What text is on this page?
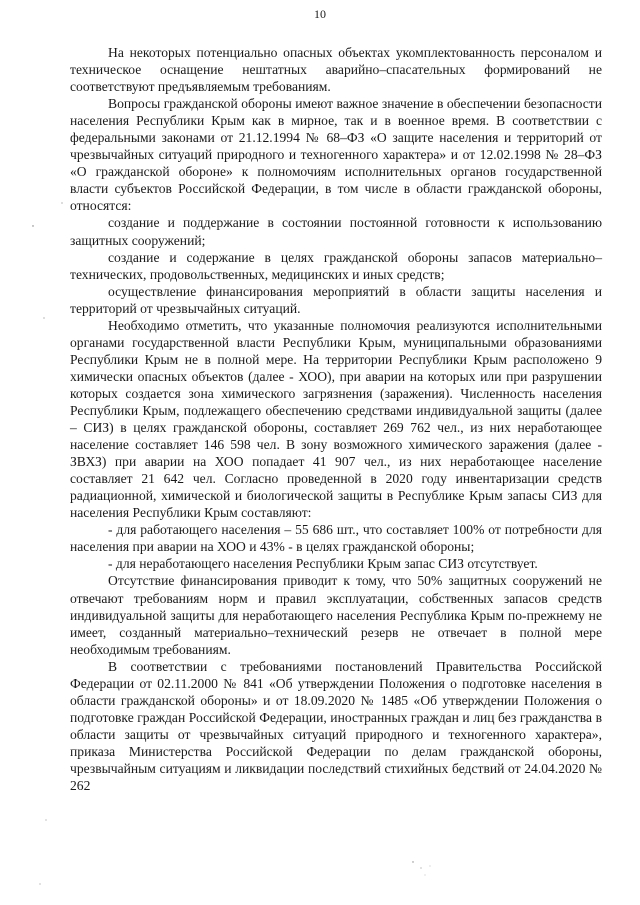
10

На некоторых потенциально опасных объектах укомплектованность персоналом и техническое оснащение нештатных аварийно–спасательных формирований не соответствуют предъявляемым требованиям.

Вопросы гражданской обороны имеют важное значение в обеспечении безопасности населения Республики Крым как в мирное, так и в военное время. В соответствии с федеральными законами от 21.12.1994 № 68–ФЗ «О защите населения и территорий от чрезвычайных ситуаций природного и техногенного характера» и от 12.02.1998 № 28–ФЗ «О гражданской обороне» к полномочиям исполнительных органов государственной власти субъектов Российской Федерации, в том числе в области гражданской обороны, относятся:

создание и поддержание в состоянии постоянной готовности к использованию защитных сооружений;

создание и содержание в целях гражданской обороны запасов материально–технических, продовольственных, медицинских и иных средств;

осуществление финансирования мероприятий в области защиты населения и территорий от чрезвычайных ситуаций.

Необходимо отметить, что указанные полномочия реализуются исполнительными органами государственной власти Республики Крым, муниципальными образованиями Республики Крым не в полной мере. На территории Республики Крым расположено 9 химически опасных объектов (далее - ХОО), при аварии на которых или при разрушении которых создается зона химического загрязнения (заражения). Численность населения Республики Крым, подлежащего обеспечению средствами индивидуальной защиты (далее – СИЗ) в целях гражданской обороны, составляет 269 762 чел., из них неработающее население составляет 146 598 чел. В зону возможного химического заражения (далее - ЗВХЗ) при аварии на ХОО попадает 41 907 чел., из них неработающее население составляет 21 642 чел. Согласно проведенной в 2020 году инвентаризации средств радиационной, химической и биологической защиты в Республике Крым запасы СИЗ для населения Республики Крым составляют:

- для работающего населения – 55 686 шт., что составляет 100% от потребности для населения при аварии на ХОО и 43% - в целях гражданской обороны;

- для неработающего населения Республики Крым запас СИЗ отсутствует.

Отсутствие финансирования приводит к тому, что 50% защитных сооружений не отвечают требованиям норм и правил эксплуатации, собственных запасов средств индивидуальной защиты для неработающего населения Республика Крым по-прежнему не имеет, созданный материально–технический резерв не отвечает в полной мере необходимым требованиям.

В соответствии с требованиями постановлений Правительства Российской Федерации от 02.11.2000 № 841 «Об утверждении Положения о подготовке населения в области гражданской обороны» и от 18.09.2020 № 1485 «Об утверждении Положения о подготовке граждан Российской Федерации, иностранных граждан и лиц без гражданства в области защиты от чрезвычайных ситуаций природного и техногенного характера», приказа Министерства Российской Федерации по делам гражданской обороны, чрезвычайным ситуациям и ликвидации последствий стихийных бедствий от 24.04.2020 № 262
